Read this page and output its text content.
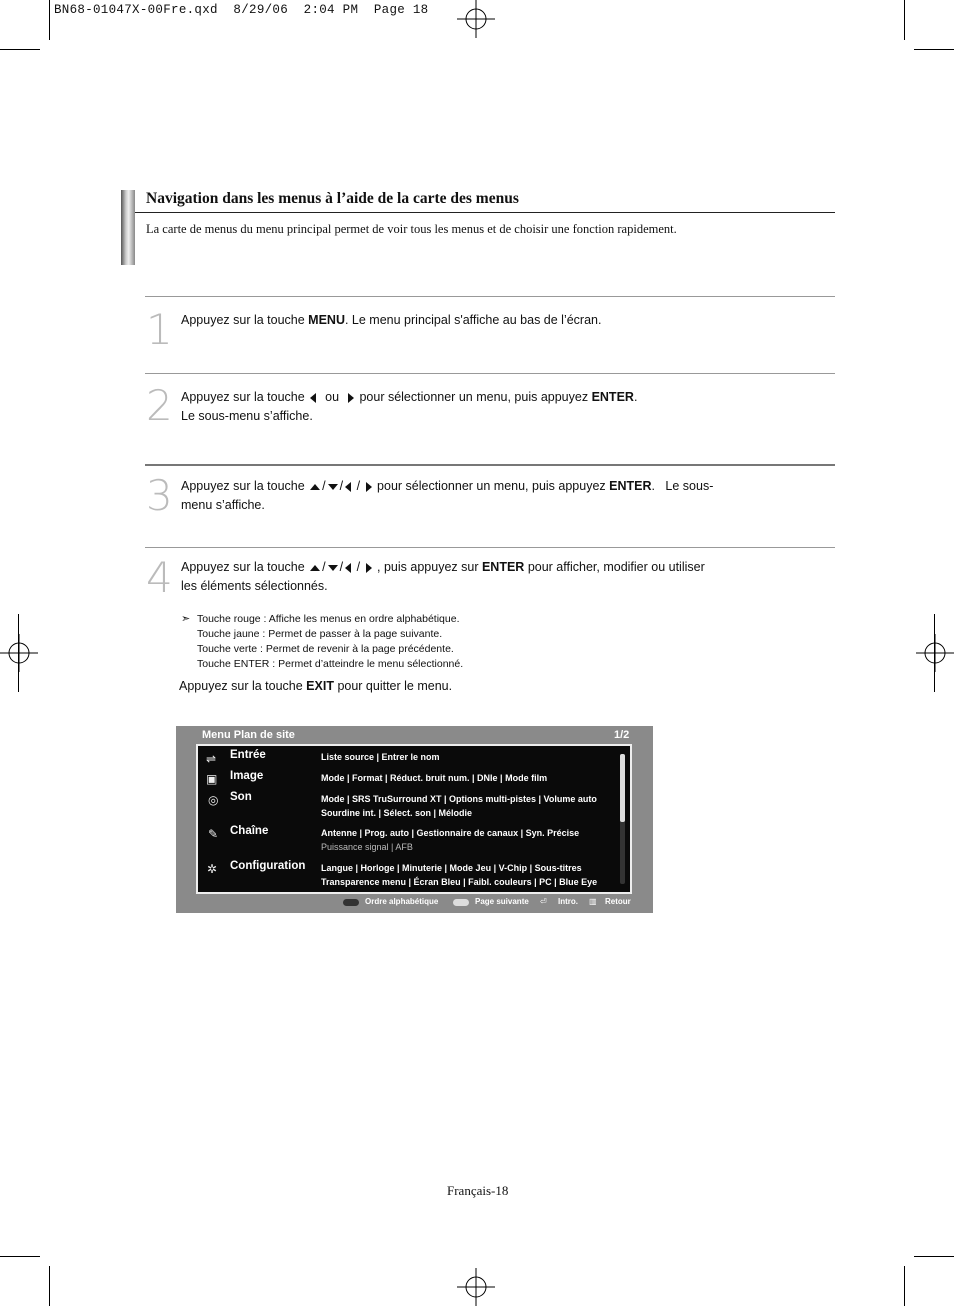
BN68-01047X-00Fre.qxd  8/29/06  2:04 PM  Page 18
Navigation dans les menus à l’aide de la carte des menus
La carte de menus du menu principal permet de voir tous les menus et de choisir une fonction rapidement.
1 Appuyez sur la touche MENU. Le menu principal s'affiche au bas de l’écran.
2 Appuyez sur la touche   ou   pour sélectionner un menu, puis appuyez ENTER.
Le sous-menu s’affiche.
3 Appuyez sur la touche / / /  pour sélectionner un menu, puis appuyez ENTER.   Le sous-
menu s’affiche.
4 Appuyez sur la touche / / /  , puis appuyez sur ENTER pour afficher, modifier ou utiliser
les éléments sélectionnés.
➣ Touche rouge : Affiche les menus en ordre alphabétique.
Touche jaune : Permet de passer à la page suivante.
Touche verte : Permet de revenir à la page précédente.
Touche ENTER : Permet d’atteindre le menu sélectionné.
Appuyez sur la touche EXIT pour quitter le menu.
Menu Plan de site	1/2
⇌ Entrée	Liste source | Entrer le nom
▣ Image	Mode | Format | Réduct. bruit num. | DNIe | Mode film
◎ Son	Mode | SRS TruSurround XT | Options multi-pistes | Volume auto
Sourdine int. | Sélect. son | Mélodie
✎ Chaîne	Antenne | Prog. auto | Gestionnaire de canaux | Syn. Précise
Puissance signal | AFB
✲ Configuration Langue | Horloge | Minuterie | Mode Jeu | V-Chip | Sous-titres
Transparence menu | Écran Bleu | Faibl. couleurs | PC | Blue Eye
Ordre alphabétique	Page suivante ⏎ Intro. ▥ Retour
Français-18
